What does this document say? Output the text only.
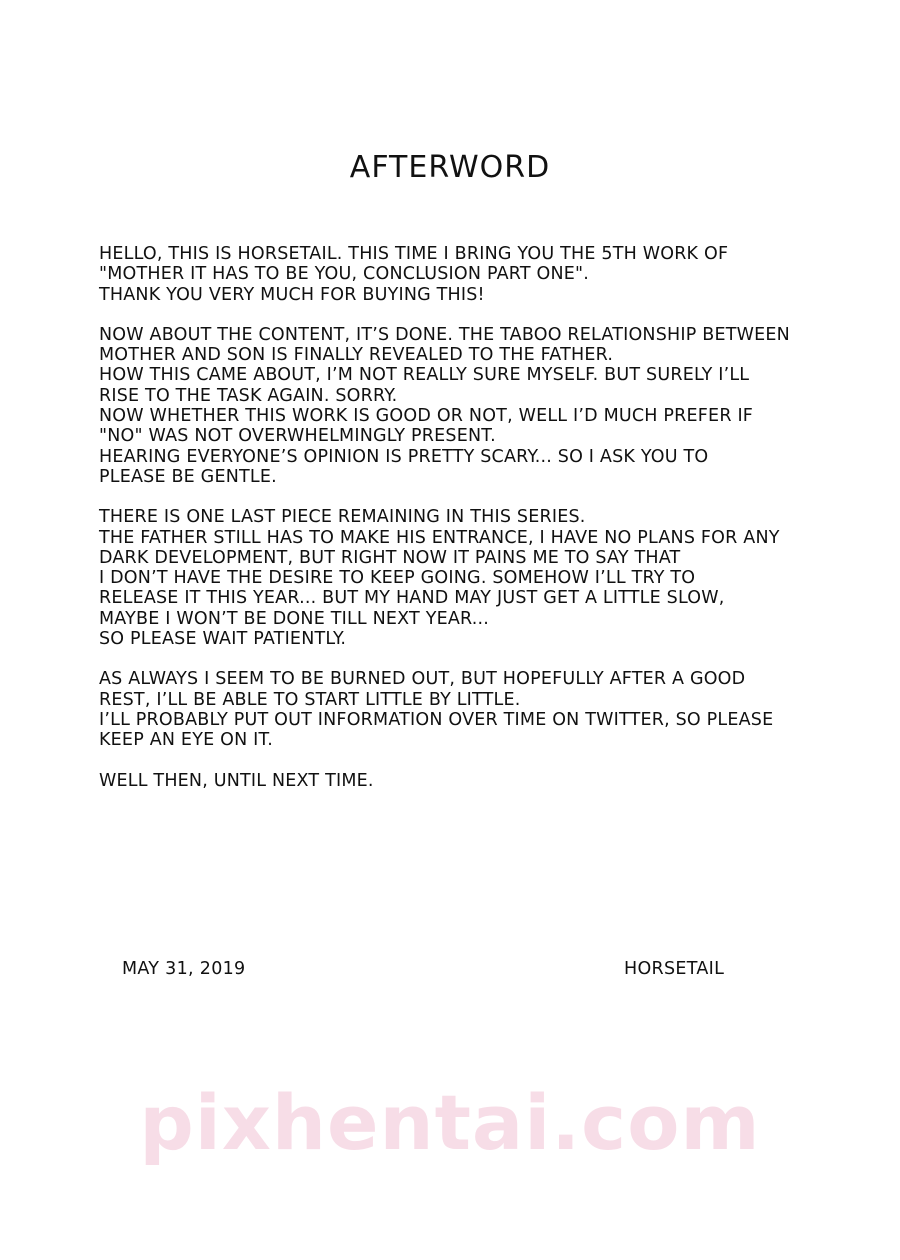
AFTERWORD
HELLO, THIS IS HORSETAIL. THIS TIME I BRING YOU THE 5TH WORK OF
"MOTHER IT HAS TO BE YOU, CONCLUSION PART ONE".
THANK YOU VERY MUCH FOR BUYING THIS!
NOW ABOUT THE CONTENT, IT’S DONE. THE TABOO RELATIONSHIP BETWEEN
MOTHER AND SON IS FINALLY REVEALED TO THE FATHER.
HOW THIS CAME ABOUT, I’M NOT REALLY SURE MYSELF. BUT SURELY I’LL
RISE TO THE TASK AGAIN. SORRY.
NOW WHETHER THIS WORK IS GOOD OR NOT, WELL I’D MUCH PREFER IF
"NO" WAS NOT OVERWHELMINGLY PRESENT.
HEARING EVERYONE’S OPINION IS PRETTY SCARY... SO I ASK YOU TO
PLEASE BE GENTLE.
THERE IS ONE LAST PIECE REMAINING IN THIS SERIES.
THE FATHER STILL HAS TO MAKE HIS ENTRANCE, I HAVE NO PLANS FOR ANY
DARK DEVELOPMENT, BUT RIGHT NOW IT PAINS ME TO SAY THAT
I DON’T HAVE THE DESIRE TO KEEP GOING. SOMEHOW I’LL TRY TO
RELEASE IT THIS YEAR... BUT MY HAND MAY JUST GET A LITTLE SLOW,
MAYBE I WON’T BE DONE TILL NEXT YEAR...
SO PLEASE WAIT PATIENTLY.
AS ALWAYS I SEEM TO BE BURNED OUT, BUT HOPEFULLY AFTER A GOOD
REST, I’LL BE ABLE TO START LITTLE BY LITTLE.
I’LL PROBABLY PUT OUT INFORMATION OVER TIME ON TWITTER, SO PLEASE
KEEP AN EYE ON IT.
WELL THEN, UNTIL NEXT TIME.
MAY 31, 2019	HORSETAIL
pixhentai.com
